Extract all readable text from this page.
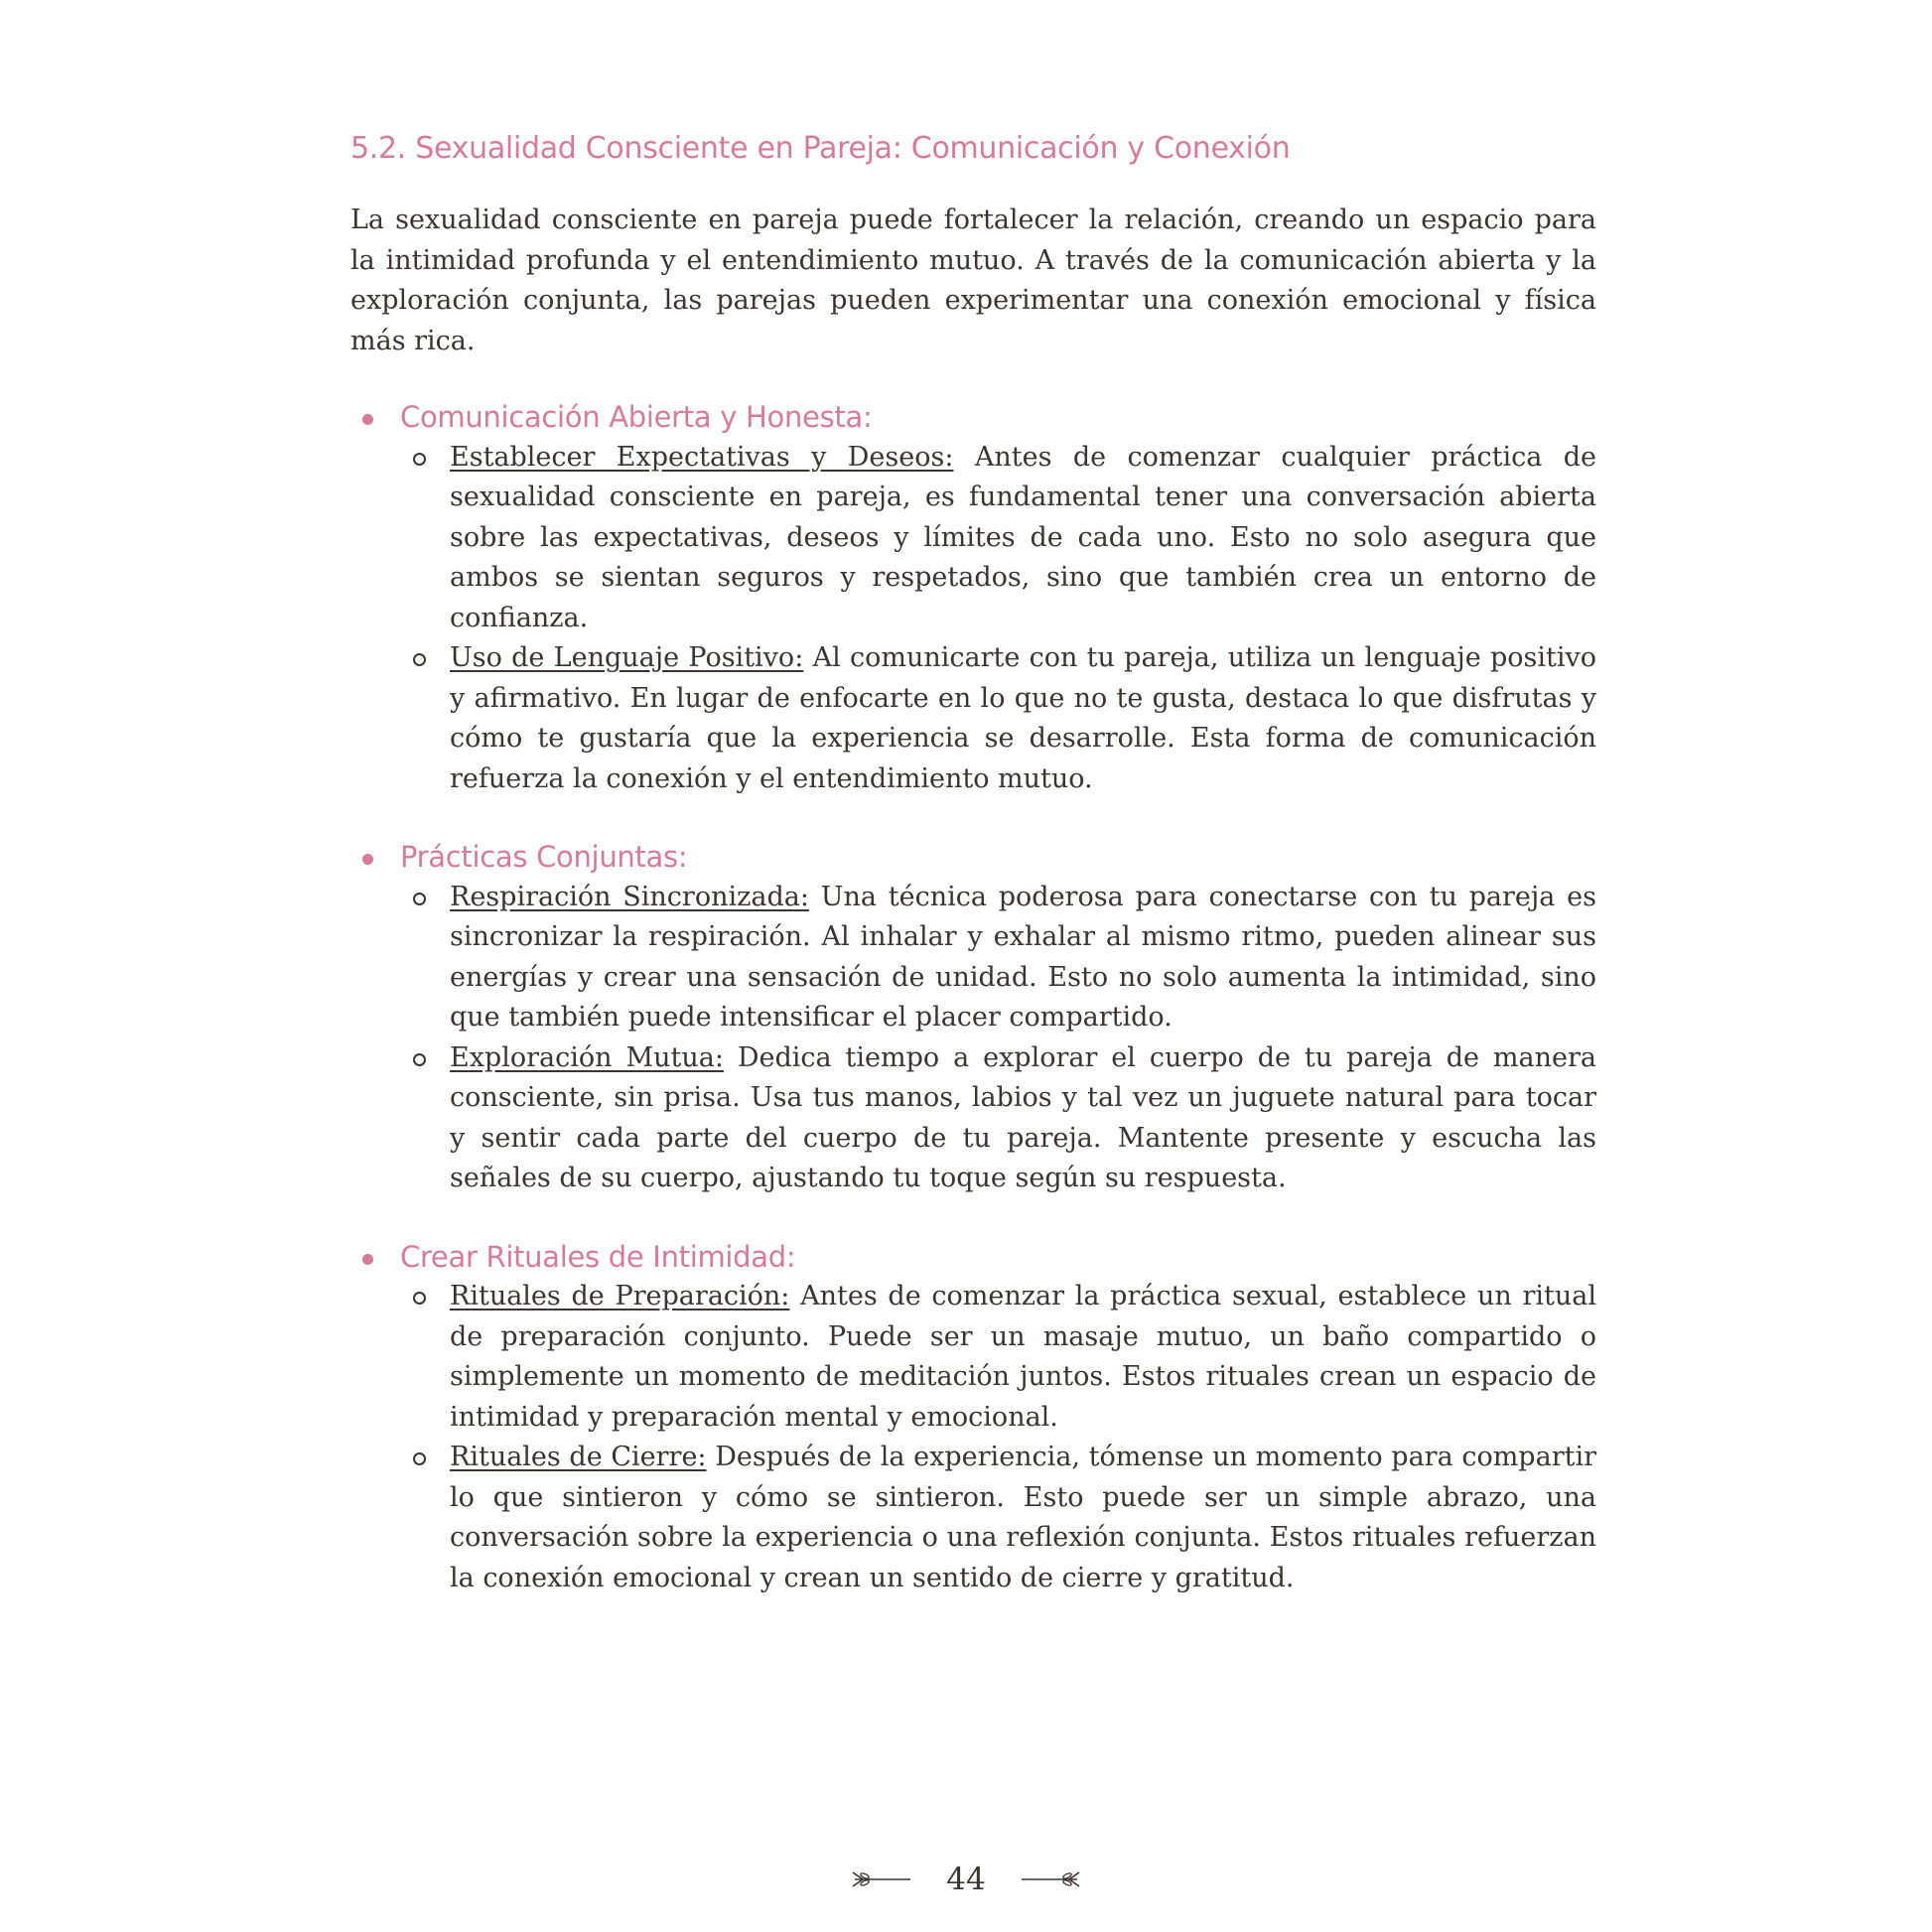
5.2. Sexualidad Consciente en Pareja: Comunicación y Conexión

La sexualidad consciente en pareja puede fortalecer la relación, creando un espacio para la intimidad profunda y el entendimiento mutuo. A través de la comunicación abierta y la exploración conjunta, las parejas pueden experimentar una conexión emocional y física más rica.

Comunicación Abierta y Honesta:
Establecer Expectativas y Deseos: Antes de comenzar cualquier práctica de sexualidad consciente en pareja, es fundamental tener una conversación abierta sobre las expectativas, deseos y límites de cada uno. Esto no solo asegura que ambos se sientan seguros y respetados, sino que también crea un entorno de confianza.
Uso de Lenguaje Positivo: Al comunicarte con tu pareja, utiliza un lenguaje positivo y afirmativo. En lugar de enfocarte en lo que no te gusta, destaca lo que disfrutas y cómo te gustaría que la experiencia se desarrolle. Esta forma de comunicación refuerza la conexión y el entendimiento mutuo.
Prácticas Conjuntas:
Respiración Sincronizada: Una técnica poderosa para conectarse con tu pareja es sincronizar la respiración. Al inhalar y exhalar al mismo ritmo, pueden alinear sus energías y crear una sensación de unidad. Esto no solo aumenta la intimidad, sino que también puede intensificar el placer compartido.
Exploración Mutua: Dedica tiempo a explorar el cuerpo de tu pareja de manera consciente, sin prisa. Usa tus manos, labios y tal vez un juguete natural para tocar y sentir cada parte del cuerpo de tu pareja. Mantente presente y escucha las señales de su cuerpo, ajustando tu toque según su respuesta.
Crear Rituales de Intimidad:
Rituales de Preparación: Antes de comenzar la práctica sexual, establece un ritual de preparación conjunto. Puede ser un masaje mutuo, un baño compartido o simplemente un momento de meditación juntos. Estos rituales crean un espacio de intimidad y preparación mental y emocional.
Rituales de Cierre: Después de la experiencia, tómense un momento para compartir lo que sintieron y cómo se sintieron. Esto puede ser un simple abrazo, una conversación sobre la experiencia o una reflexión conjunta. Estos rituales refuerzan la conexión emocional y crean un sentido de cierre y gratitud.
44
